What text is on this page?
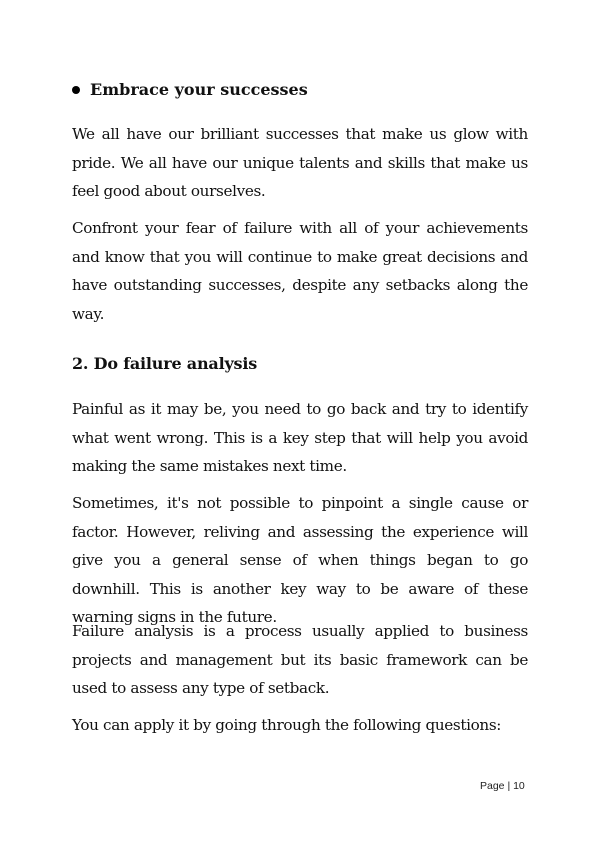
Embrace your successes

We all have our brilliant successes that make us glow with pride. We all have our unique talents and skills that make us feel good about ourselves.

Confront your fear of failure with all of your achievements and know that you will continue to make great decisions and have outstanding successes, despite any setbacks along the way.

2. Do failure analysis

Painful as it may be, you need to go back and try to identify what went wrong. This is a key step that will help you avoid making the same mistakes next time.

Sometimes, it's not possible to pinpoint a single cause or factor. However, reliving and assessing the experience will give you a general sense of when things began to go downhill. This is another key way to be aware of these warning signs in the future.

Failure analysis is a process usually applied to business projects and management but its basic framework can be used to assess any type of setback.

You can apply it by going through the following questions:

Page | 10
